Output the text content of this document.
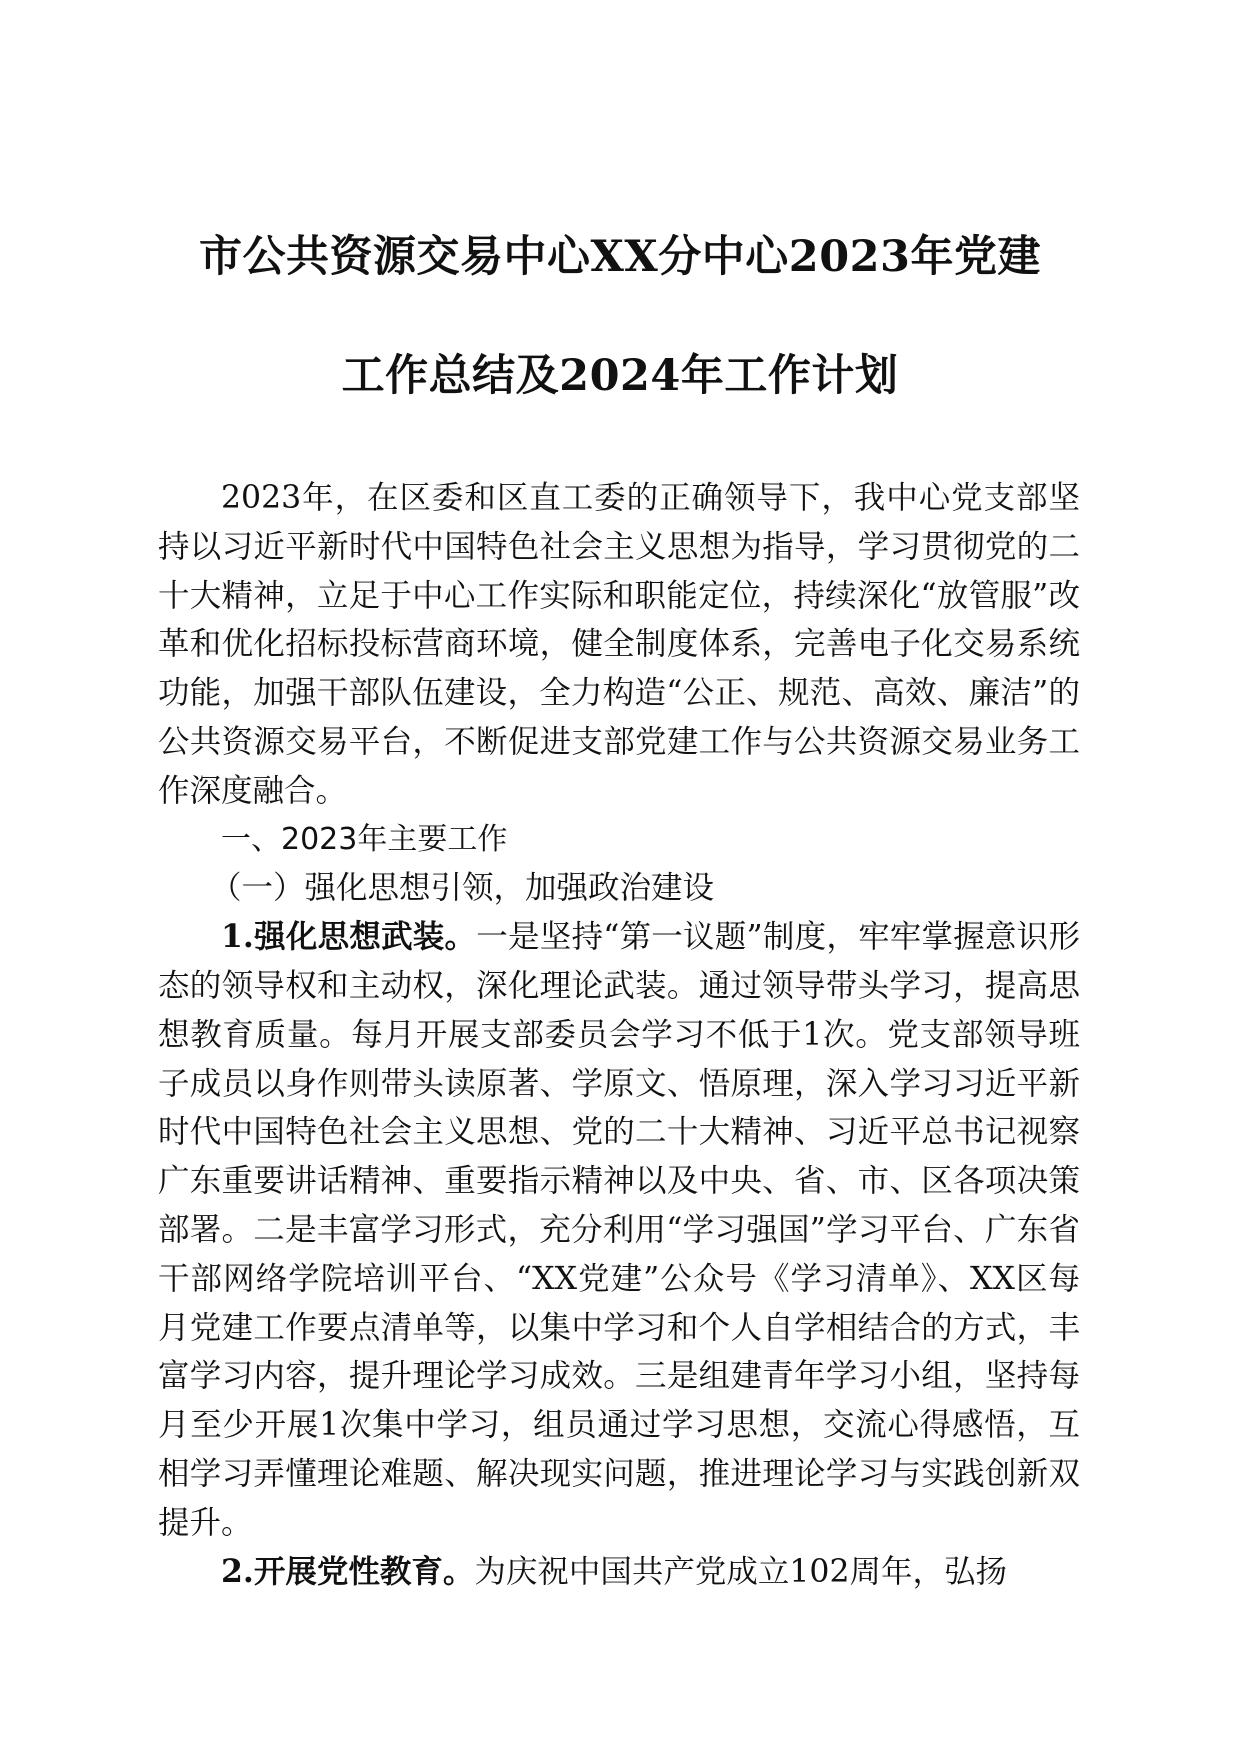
市公共资源交易中心XX分中心2023年党建
工作总结及2024年工作计划

2023年，在区委和区直工委的正确领导下，我中心党支部坚持以习近平新时代中国特色社会主义思想为指导，学习贯彻党的二十大精神，立足于中心工作实际和职能定位，持续深化“放管服”改革和优化招标投标营商环境，健全制度体系，完善电子化交易系统功能，加强干部队伍建设，全力构造“公正、规范、高效、廉洁”的公共资源交易平台，不断促进支部党建工作与公共资源交易业务工作深度融合。

一、2023年主要工作

（一）强化思想引领，加强政治建设

1.强化思想武装。一是坚持“第一议题”制度，牢牢掌握意识形态的领导权和主动权，深化理论武装。通过领导带头学习，提高思想教育质量。每月开展支部委员会学习不低于1次。党支部领导班子成员以身作则带头读原著、学原文、悟原理，深入学习习近平新时代中国特色社会主义思想、党的二十大精神、习近平总书记视察广东重要讲话精神、重要指示精神以及中央、省、市、区各项决策部署。二是丰富学习形式，充分利用“学习强国”学习平台、广东省干部网络学院培训平台、“XX党建”公众号《学习清单》、XX区每月党建工作要点清单等，以集中学习和个人自学相结合的方式，丰富学习内容，提升理论学习成效。三是组建青年学习小组，坚持每月至少开展1次集中学习，组员通过学习思想，交流心得感悟，互相学习弄懂理论难题、解决现实问题，推进理论学习与实践创新双提升。

2.开展党性教育。为庆祝中国共产党成立102周年，弘扬
